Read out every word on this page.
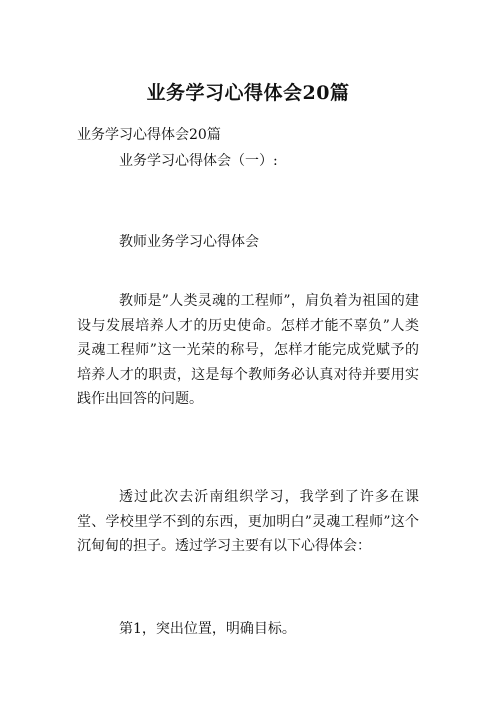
业务学习心得体会20篇
业务学习心得体会20篇
业务学习心得体会（一）:
教师业务学习心得体会
教师是”人类灵魂的工程师”，肩负着为祖国的建设与发展培养人才的历史使命。怎样才能不辜负”人类灵魂工程师”这一光荣的称号，怎样才能完成党赋予的培养人才的职责，这是每个教师务必认真对待并要用实践作出回答的问题。
透过此次去沂南组织学习，我学到了许多在课堂、学校里学不到的东西，更加明白”灵魂工程师”这个沉甸甸的担子。透过学习主要有以下心得体会：
第1，突出位置，明确目标。
